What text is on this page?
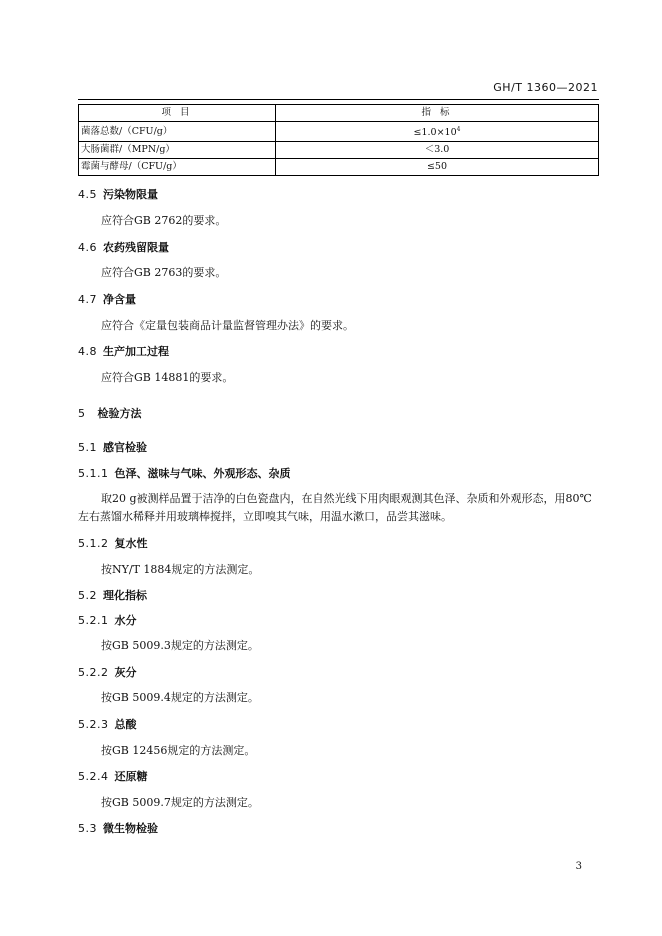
GH/T 1360—2021
项 目	指 标
菌落总数/（CFU/g）	$\le 1.0\times 10^4$
大肠菌群/（MPN/g）	＜3.0
霉菌与酵母/（CFU/g）	≤50
4.5 污染物限量
应符合GB 2762的要求。
4.6 农药残留限量
应符合GB 2763的要求。
4.7 净含量
应符合《定量包装商品计量监督管理办法》的要求。
4.8 生产加工过程
应符合GB 14881的要求。
5 检验方法
5.1 感官检验
5.1.1 色泽、滋味与气味、外观形态、杂质
取20 g被测样品置于洁净的白色瓷盘内，在自然光线下用肉眼观测其色泽、杂质和外观形态，用80℃
左右蒸馏水稀释并用玻璃棒搅拌，立即嗅其气味，用温水漱口，品尝其滋味。
5.1.2 复水性
按NY/T 1884规定的方法测定。
5.2 理化指标
5.2.1 水分
按GB 5009.3规定的方法测定。
5.2.2 灰分
按GB 5009.4规定的方法测定。
5.2.3 总酸
按GB 12456规定的方法测定。
5.2.4 还原糖
按GB 5009.7规定的方法测定。
5.3 微生物检验
3
